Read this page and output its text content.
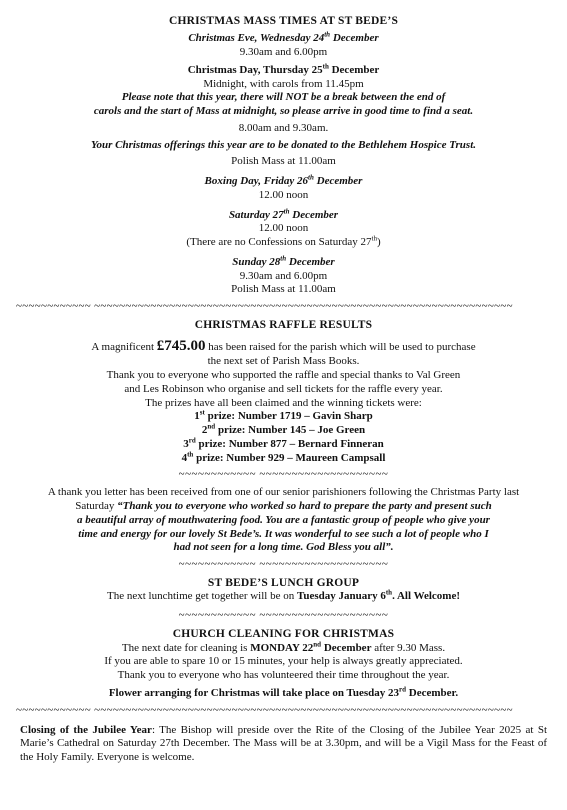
CHRISTMAS MASS TIMES AT ST BEDE’S
Christmas Eve, Wednesday 24th December
9.30am and 6.00pm
Christmas Day, Thursday 25th December
Midnight, with carols from 11.45pm
Please note that this year, there will NOT be a break between the end of
carols and the start of Mass at midnight, so please arrive in good time to find a seat.
8.00am and 9.30am.
Your Christmas offerings this year are to be donated to the Bethlehem Hospice Trust.
Polish Mass at 11.00am
Boxing Day, Friday 26th December
12.00 noon
Saturday 27th December
12.00 noon
(There are no Confessions on Saturday 27th)
Sunday 28th December
9.30am and 6.00pm
Polish Mass at 11.00am
~~~~~~~~~~~~ ~~~~~~~~~~~~~~~~~~~~~~~~~~~~~~~~~~~~~~~~~~~~~~~~~~~~~~~~~~~~~~~~~~~
CHRISTMAS RAFFLE RESULTS
A magnificent £745.00 has been raised for the parish which will be used to purchase
the next set of Parish Mass Books.
Thank you to everyone who supported the raffle and special thanks to Val Green
and Les Robinson who organise and sell tickets for the raffle every year.
The prizes have all been claimed and the winning tickets were:
1st prize: Number 1719 – Gavin Sharp
2nd prize: Number 145 – Joe Green
3rd prize: Number 877 – Bernard Finneran
4th prize: Number 929 – Maureen Campsall
~~~~~~~~~~~~ ~~~~~~~~~~~~~~~~~~~~
A thank you letter has been received from one of our senior parishioners following the Christmas Party last
Saturday “Thank you to everyone who worked so hard to prepare the party and present such
a beautiful array of mouthwatering food. You are a fantastic group of people who give your
time and energy for our lovely St Bede’s. It was wonderful to see such a lot of people who I
had not seen for a long time. God Bless you all”.
~~~~~~~~~~~~ ~~~~~~~~~~~~~~~~~~~~
ST BEDE’S LUNCH GROUP
The next lunchtime get together will be on Tuesday January 6th. All Welcome!
~~~~~~~~~~~~ ~~~~~~~~~~~~~~~~~~~~
CHURCH CLEANING FOR CHRISTMAS
The next date for cleaning is MONDAY 22nd December after 9.30 Mass.
If you are able to spare 10 or 15 minutes, your help is always greatly appreciated.
Thank you to everyone who has volunteered their time throughout the year.
Flower arranging for Christmas will take place on Tuesday 23rd December.
~~~~~~~~~~~~ ~~~~~~~~~~~~~~~~~~~~~~~~~~~~~~~~~~~~~~~~~~~~~~~~~~~~~~~~~~~~~~~~~~~
Closing of the Jubilee Year: The Bishop will preside over the Rite of the Closing of the Jubilee Year 2025 at St Marie’s Cathedral on Saturday 27th December. The Mass will be at 3.30pm, and will be a Vigil Mass for the Feast of the Holy Family. Everyone is welcome.
